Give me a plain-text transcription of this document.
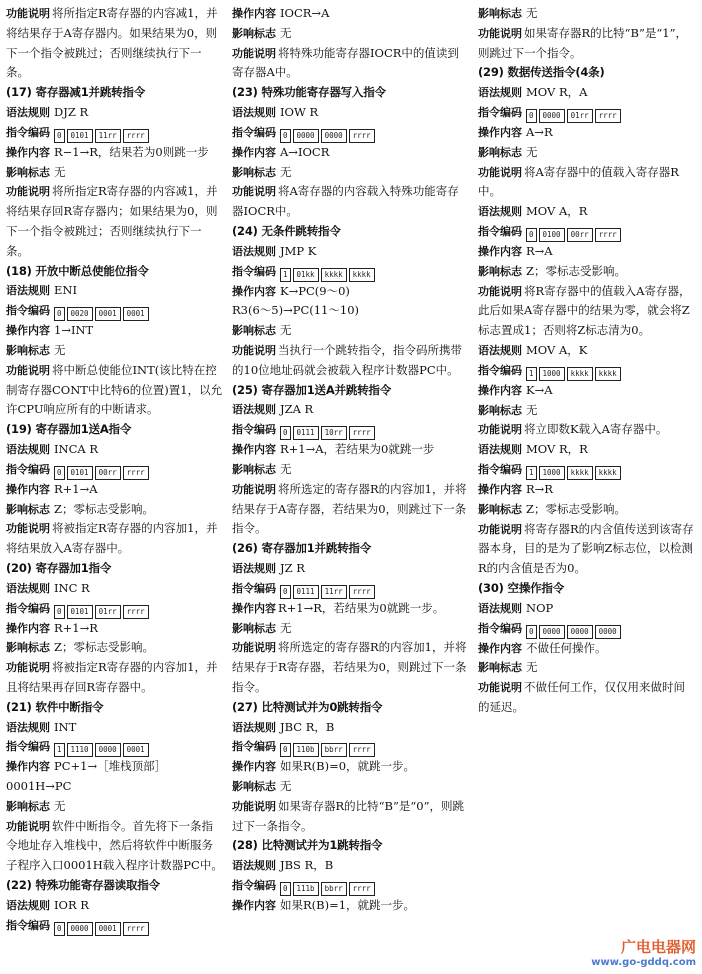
功能说明 将所指定R寄存器的内容减1，并将结果存于A寄存器内。如果结果为0，则下一个指令被跳过；否则继续执行下一条。
(17) 寄存器减1并跳转指令
语法规则 DJZ R
指令编码 0	0101	11rr	rrrr
操作内容 R−1→R，结果若为0则跳一步
影响标志 无
功能说明 将所指定R寄存器的内容减1，并将结果存回R寄存器内；如果结果为0，则下一个指令被跳过；否则继续执行下一条。
(18) 开放中断总使能位指令
语法规则 ENI
指令编码 0	0020	0001	0001
操作内容 1→INT
影响标志 无
功能说明 将中断总使能位INT(该比特在控制寄存器CONT中比特6的位置)置1，以允许CPU响应所有的中断请求。
(19) 寄存器加1送A指令
语法规则 INCA R
指令编码 0	0101	00rr	rrrr
操作内容 R+1→A
影响标志 Z；零标志受影响。
功能说明 将被指定R寄存器的内容加1，并将结果放入A寄存器中。
(20) 寄存器加1指令
语法规则 INC R
指令编码 0	0101	01rr	rrrr
操作内容 R+1→R
影响标志 Z；零标志受影响。
功能说明 将被指定R寄存器的内容加1，并且将结果再存回R寄存器中。
(21) 软件中断指令
语法规则 INT
指令编码 1	1110	0000	0001
操作内容 PC+1→［堆栈顶部］
0001H→PC
影响标志 无
功能说明 软件中断指令。首先将下一条指令地址存入堆栈中，然后将软件中断服务子程序入口0001H载入程序计数器PC中。
(22) 特殊功能寄存器读取指令
语法规则 IOR R
指令编码 0	0000	0001	rrrr
操作内容 IOCR→A
影响标志 无
功能说明 将特殊功能寄存器IOCR中的值读到寄存器A中。
(23) 特殊功能寄存器写入指令
语法规则 IOW R
指令编码 0	0000	0000	rrrr
操作内容 A→IOCR
影响标志 无
功能说明 将A寄存器的内容载入特殊功能寄存器IOCR中。
(24) 无条件跳转指令
语法规则 JMP K
指令编码 1	01kk	kkkk	kkkk
操作内容 K→PC(9～0)
R3(6～5)→PC(11～10)
影响标志 无
功能说明 当执行一个跳转指令，指令码所携带的10位地址码就会被载入程序计数器PC中。
(25) 寄存器加1送A并跳转指令
语法规则 JZA R
指令编码 0	0111	10rr	rrrr
操作内容 R+1→A，若结果为0就跳一步
影响标志 无
功能说明 将所选定的寄存器R的内容加1，并将结果存于A寄存器，若结果为0，则跳过下一条指令。
(26) 寄存器加1并跳转指令
语法规则 JZ R
指令编码 0	0111	11rr	rrrr
操作内容 R+1→R，若结果为0就跳一步。
影响标志 无
功能说明 将所选定的寄存器R的内容加1，并将结果存于R寄存器，若结果为0，则跳过下一条指令。
(27) 比特测试并为0跳转指令
语法规则 JBC R，B
指令编码 0	110b	bbrr	rrrr
操作内容 如果R(B)=0，就跳一步。
影响标志 无
功能说明 如果寄存器R的比特“B”是“0”，则跳过下一条指令。
(28) 比特测试并为1跳转指令
语法规则 JBS R，B
指令编码 0	111b	bbrr	rrrr
操作内容 如果R(B)=1，就跳一步。
影响标志 无
功能说明 如果寄存器R的比特“B”是“1”，则跳过下一个指令。
(29) 数据传送指令(4条)
语法规则 MOV R，A
指令编码 0	0000	01rr	rrrr
操作内容 A→R
影响标志 无
功能说明 将A寄存器中的值载入寄存器R中。
语法规则 MOV A，R
指令编码 0	0100	00rr	rrrr
操作内容 R→A
影响标志 Z；零标志受影响。
功能说明 将R寄存器中的值载入A寄存器，此后如果A寄存器中的结果为零，就会将Z标志置成1；否则将Z标志清为0。
语法规则 MOV A，K
指令编码 1	1000	kkkk	kkkk
操作内容 K→A
影响标志 无
功能说明 将立即数K载入A寄存器中。
语法规则 MOV R，R
指令编码 1	1000	kkkk	kkkk
操作内容 R→R
影响标志 Z；零标志受影响。
功能说明 将寄存器R的内含值传送到该寄存器本身，目的是为了影响Z标志位，以检测R的内含值是否为0。
(30) 空操作指令
语法规则 NOP
指令编码 0	0000	0000	0000
操作内容 不做任何操作。
影响标志 无
功能说明 不做任何工作，仅仅用来做时间的延迟。
广电电器网
www.go-gddq.com
